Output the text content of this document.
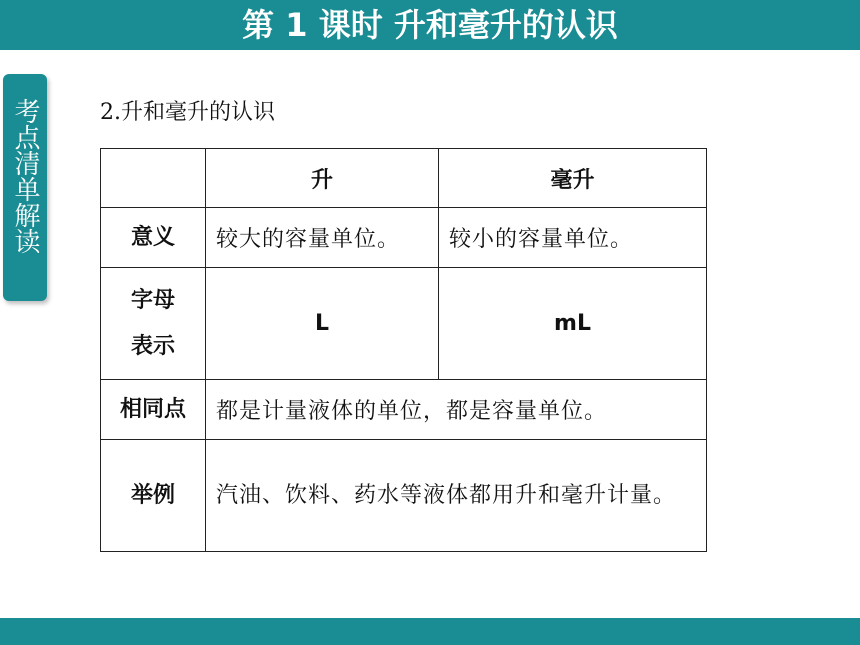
第 1 课时 升和毫升的认识
考点清单解读	2.升和毫升的认识
	升	毫升
意义	较大的容量单位。	较小的容量单位。

字母表示	L	mL
相同点	都是计量液体的单位，都是容量单位。	
举例	汽油、饮料、药水等液体都用升和毫升计量。	
